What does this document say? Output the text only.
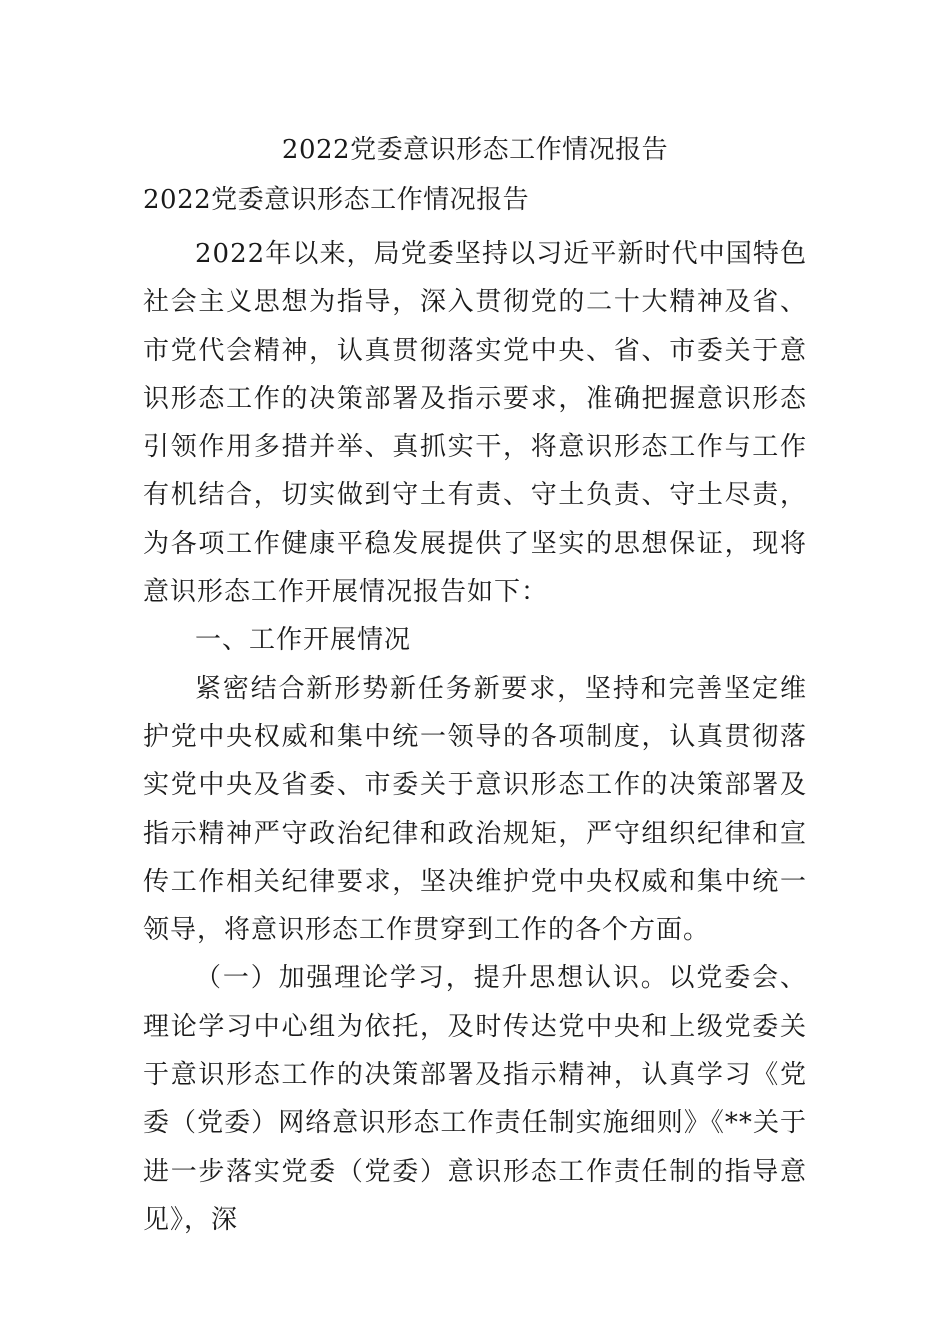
2022党委意识形态工作情况报告
2022党委意识形态工作情况报告

2022年以来，局党委坚持以习近平新时代中国特色社会主义思想为指导，深入贯彻党的二十大精神及省、市党代会精神，认真贯彻落实党中央、省、市委关于意识形态工作的决策部署及指示要求，准确把握意识形态引领作用多措并举、真抓实干，将意识形态工作与工作有机结合，切实做到守土有责、守土负责、守土尽责，为各项工作健康平稳发展提供了坚实的思想保证，现将意识形态工作开展情况报告如下：

一、工作开展情况

紧密结合新形势新任务新要求，坚持和完善坚定维护党中央权威和集中统一领导的各项制度，认真贯彻落实党中央及省委、市委关于意识形态工作的决策部署及指示精神严守政治纪律和政治规矩，严守组织纪律和宣传工作相关纪律要求，坚决维护党中央权威和集中统一领导，将意识形态工作贯穿到工作的各个方面。

（一）加强理论学习，提升思想认识。以党委会、理论学习中心组为依托，及时传达党中央和上级党委关于意识形态工作的决策部署及指示精神，认真学习《党委（党委）网络意识形态工作责任制实施细则》《**关于进一步落实党委（党委）意识形态工作责任制的指导意见》，深
